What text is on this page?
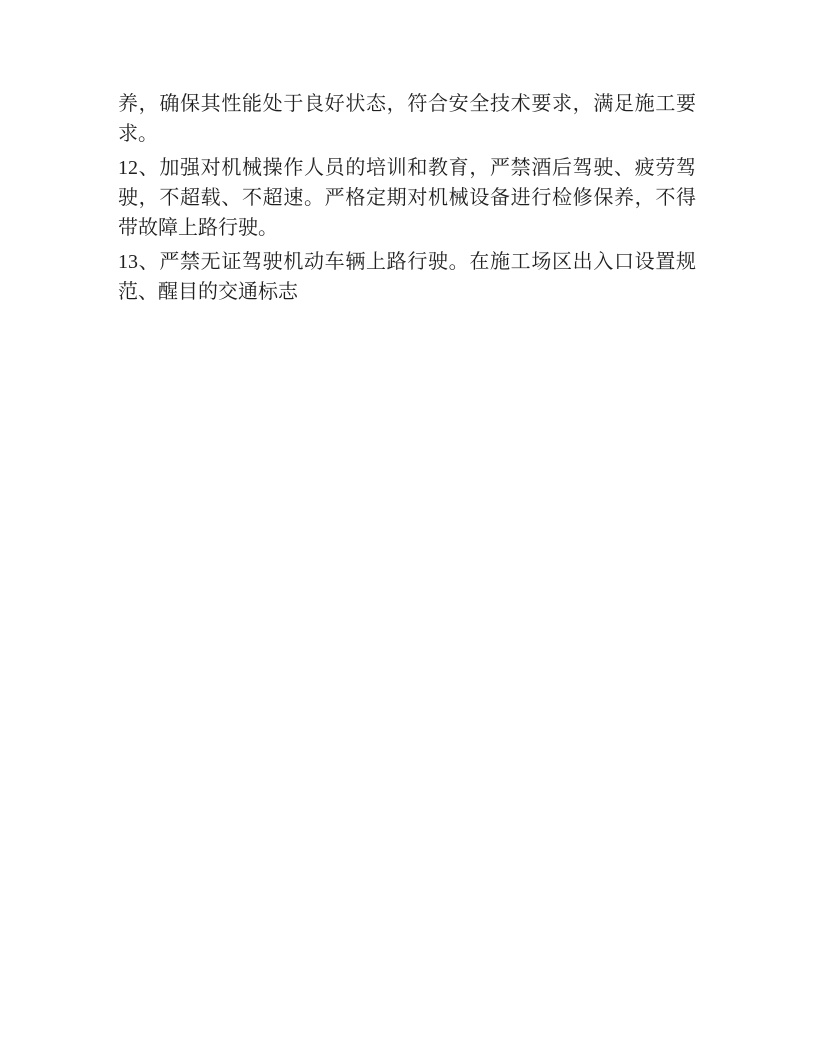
养，确保其性能处于良好状态，符合安全技术要求，满足施工要求。

12、加强对机械操作人员的培训和教育，严禁酒后驾驶、疲劳驾驶，不超载、不超速。严格定期对机械设备进行检修保养，不得带故障上路行驶。

13、严禁无证驾驶机动车辆上路行驶。在施工场区出入口设置规范、醒目的交通标志
